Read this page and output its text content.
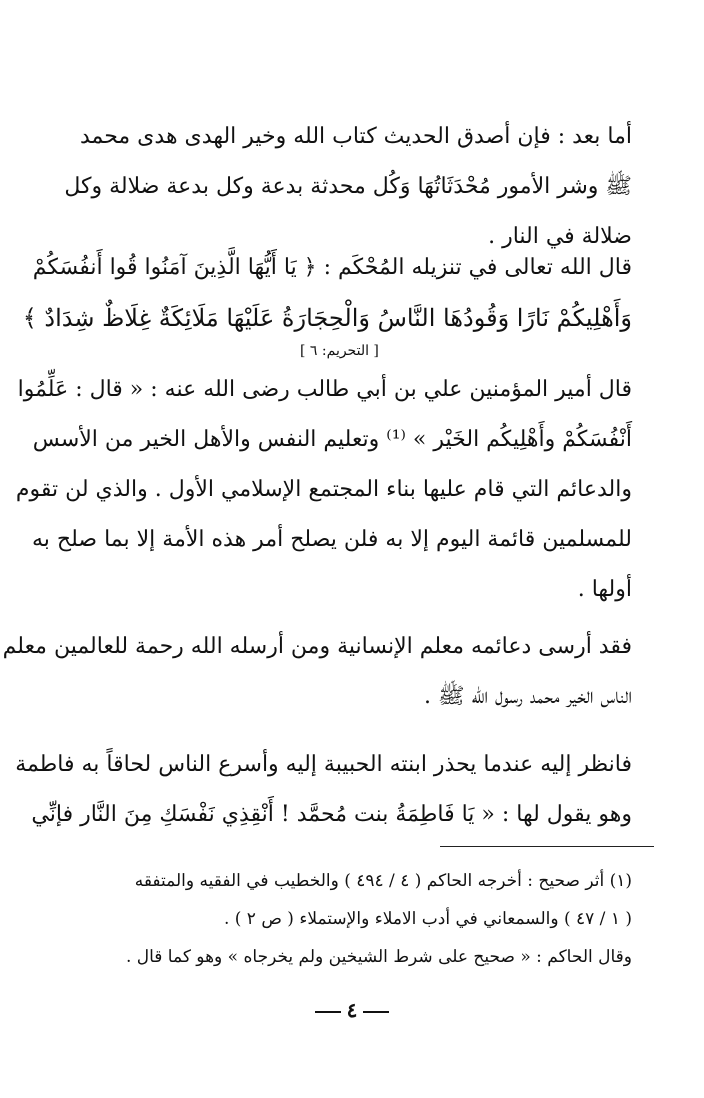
أما بعد : فإن أصدق الحديث كتاب الله وخير الهدى هدى محمد
ﷺ وشر الأمور مُحْدَثَاتُهَا وَكُل محدثة بدعة وكل بدعة ضلالة وكل
ضلالة في النار .
قال الله تعالى في تنزيله المُحْكَم : ﴿ يَا أَيُّهَا الَّذِينَ آمَنُوا قُوا أَنفُسَكُمْ
وَأَهْلِيكُمْ نَارًا وَقُودُهَا النَّاسُ وَالْحِجَارَةُ عَلَيْهَا مَلَائِكَةٌ غِلَاظٌ شِدَادٌ ﴾
[ التحريم: ٦ ]
قال أمير المؤمنين علي بن أبي طالب رضى الله عنه : « قال : عَلِّمُوا
أَنْفُسَكُمْ وأَهْلِيكُم الخَيْر » ⁽¹⁾ وتعليم النفس والأهل الخير من الأسس
والدعائم التي قام عليها بناء المجتمع الإسلامي الأول . والذي لن تقوم
للمسلمين قائمة اليوم إلا به فلن يصلح أمر هذه الأمة إلا بما صلح به
أولها .
فقد أرسى دعائمه معلم الإنسانية ومن أرسله الله رحمة للعالمين معلم
الناس الخير محمد رسول الله ﷺ .
فانظر إليه عندما يحذر ابنته الحبيبة إليه وأسرع الناس لحاقاً به فاطمة
وهو يقول لها : « يَا فَاطِمَةُ بنت مُحمَّد ! أَنْقِذِي نَفْسَكِ مِنَ النَّار فإنِّي
(١) أثر صحيح : أخرجه الحاكم ( ٤ / ٤٩٤ ) والخطيب في الفقيه والمتفقه
( ١ / ٤٧ ) والسمعاني في أدب الاملاء والإستملاء ( ص ٢ ) .
وقال الحاكم : « صحيح على شرط الشيخين ولم يخرجاه » وهو كما قال .
٤
